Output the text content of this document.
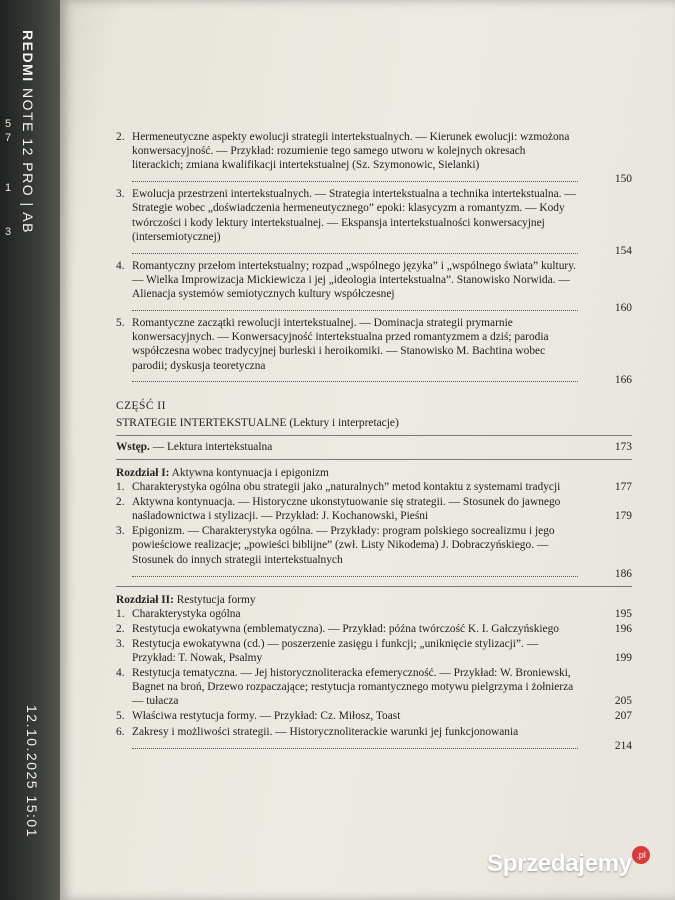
5
7
1
3
REDMI NOTE 12 PRO | AB
12.10.2025 15:01
2. Hermeneutyczne aspekty ewolucji strategii intertekstualnych. — Kierunek ewolucji: wzmożona konwersacyjność. — Przykład: rozumienie tego samego utworu w kolejnych okresach literackich; zmiana kwalifikacji intertekstualnej (Sz. Szymonowic, Sielanki)
150
3. Ewolucja przestrzeni intertekstualnych. — Strategia intertekstualna a technika intertekstualna. — Strategie wobec „doświadczenia hermeneutycznego” epoki: klasycyzm a romantyzm. — Kody twórczości i kody lektury intertekstualnej. — Ekspansja intertekstualności konwersacyjnej (intersemiotycznej)
154
4. Romantyczny przełom intertekstualny; rozpad „wspólnego języka” i „wspólnego świata” kultury. — Wielka Improwizacja Mickiewicza i jej „ideologia intertekstualna”. Stanowisko Norwida. — Alienacja systemów semiotycznych kultury współczesnej
160
5. Romantyczne zaczątki rewolucji intertekstualnej. — Dominacja strategii prymarnie konwersacyjnych. — Konwersacyjność intertekstualna przed romantyzmem a dziś; parodia współczesna wobec tradycyjnej burleski i heroikomiki. — Stanowisko M. Bachtina wobec parodii; dyskusja teoretyczna
166
CZĘŚĆ II
STRATEGIE INTERTEKSTUALNE (Lektury i interpretacje)
Wstęp. — Lektura intertekstualna	173
Rozdział I: Aktywna kontynuacja i epigonizm
1. Charakterystyka ogólna obu strategii jako „naturalnych” metod kontaktu z systemami tradycji	177
2. Aktywna kontynuacja. — Historyczne ukonstytuowanie się strategii. — Stosunek do jawnego naśladownictwa i stylizacji. — Przykład: J. Kochanowski, Pieśni	179
3. Epigonizm. — Charakterystyka ogólna. — Przykłady: program polskiego socrealizmu i jego powieściowe realizacje; „powieści biblijne” (zwł. Listy Nikodema) J. Dobraczyńskiego. — Stosunek do innych strategii intertekstualnych
186
Rozdział II: Restytucja formy
1. Charakterystyka ogólna	195
2. Restytucja ewokatywna (emblematyczna). — Przykład: późna twórczość K. I. Gałczyńskiego	196
3. Restytucja ewokatywna (cd.) — poszerzenie zasięgu i funkcji; „uniknięcie stylizacji”. — Przykład: T. Nowak, Psalmy	199
4. Restytucja tematyczna. — Jej historycznoliteracka efemeryczność. — Przykład: W. Broniewski, Bagnet na broń, Drzewo rozpaczające; restytucja romantycznego motywu pielgrzyma i żołnierza — tułacza	205
5. Właściwa restytucja formy. — Przykład: Cz. Miłosz, Toast	207
6. Zakresy i możliwości strategii. — Historycznoliterackie warunki jej funkcjonowania
214
Sprzedajemy .pl
